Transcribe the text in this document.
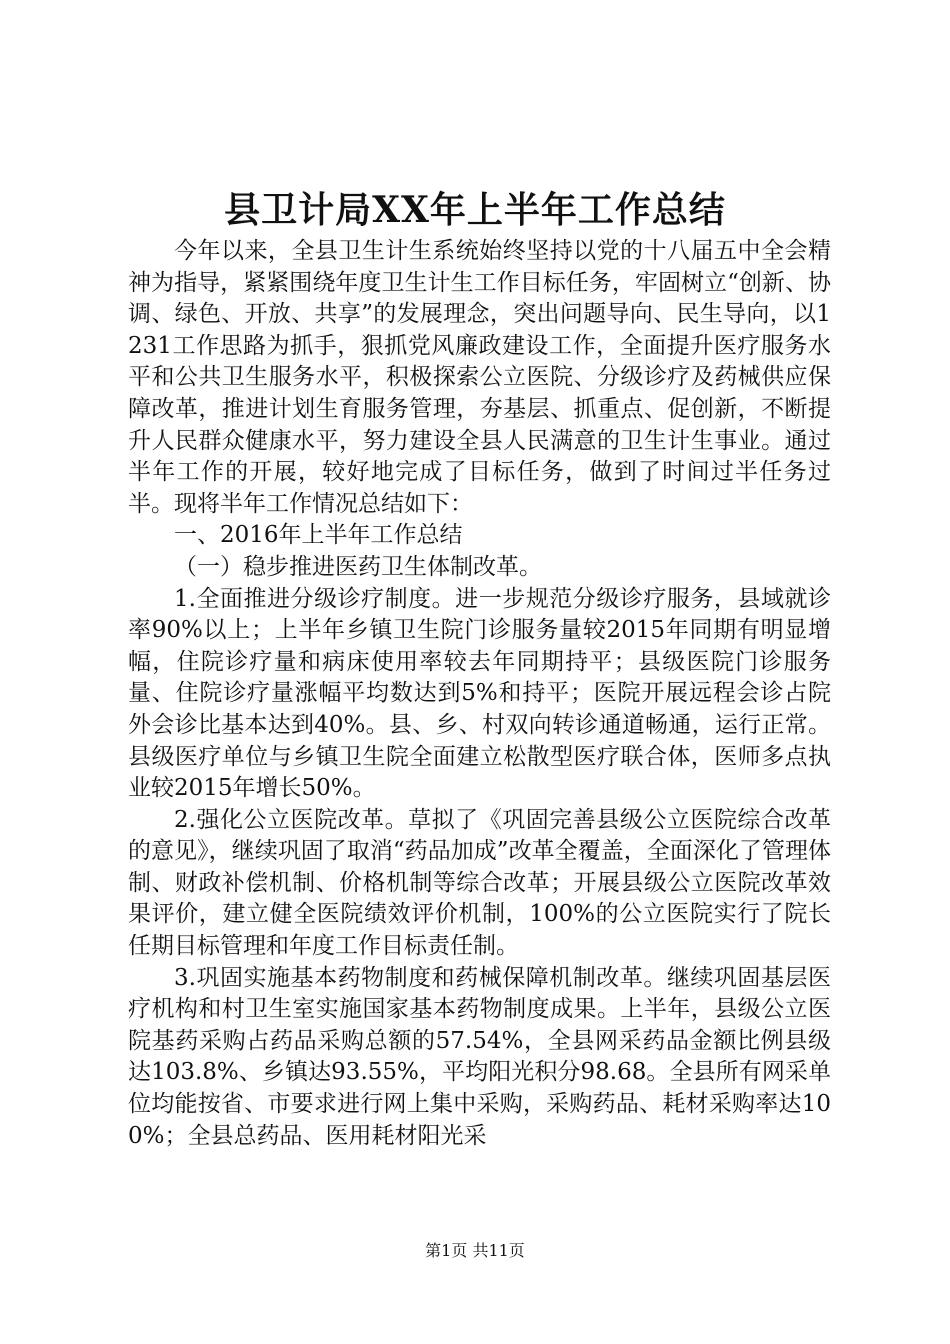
县卫计局XX年上半年工作总结

今年以来，全县卫生计生系统始终坚持以党的十八届五中全会精神为指导，紧紧围绕年度卫生计生工作目标任务，牢固树立“创新、协调、绿色、开放、共享”的发展理念，突出问题导向、民生导向，以1231工作思路为抓手，狠抓党风廉政建设工作，全面提升医疗服务水平和公共卫生服务水平，积极探索公立医院、分级诊疗及药械供应保障改革，推进计划生育服务管理，夯基层、抓重点、促创新，不断提升人民群众健康水平，努力建设全县人民满意的卫生计生事业。通过半年工作的开展，较好地完成了目标任务，做到了时间过半任务过半。现将半年工作情况总结如下：

一、2016年上半年工作总结

（一）稳步推进医药卫生体制改革。

1.全面推进分级诊疗制度。进一步规范分级诊疗服务，县域就诊率90%以上；上半年乡镇卫生院门诊服务量较2015年同期有明显增幅，住院诊疗量和病床使用率较去年同期持平；县级医院门诊服务量、住院诊疗量涨幅平均数达到5%和持平；医院开展远程会诊占院外会诊比基本达到40%。县、乡、村双向转诊通道畅通，运行正常。县级医疗单位与乡镇卫生院全面建立松散型医疗联合体，医师多点执业较2015年增长50%。

2.强化公立医院改革。草拟了《巩固完善县级公立医院综合改革的意见》，继续巩固了取消“药品加成”改革全覆盖，全面深化了管理体制、财政补偿机制、价格机制等综合改革；开展县级公立医院改革效果评价，建立健全医院绩效评价机制，100%的公立医院实行了院长任期目标管理和年度工作目标责任制。

3.巩固实施基本药物制度和药械保障机制改革。继续巩固基层医疗机构和村卫生室实施国家基本药物制度成果。上半年，县级公立医院基药采购占药品采购总额的57.54%，全县网采药品金额比例县级达103.8%、乡镇达93.55%，平均阳光积分98.68。全县所有网采单位均能按省、市要求进行网上集中采购，采购药品、耗材采购率达100%；全县总药品、医用耗材阳光采

第1页 共11页
